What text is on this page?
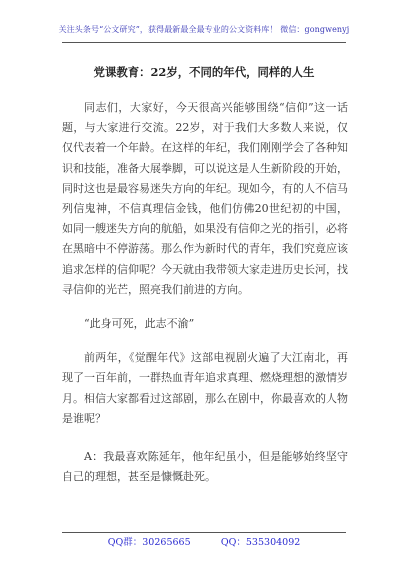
关注头条号“公文研究”，获得最新最全最专业的公文资料库！ 微信：gongwenyj
党课教育：22岁，不同的年代，同样的人生

同志们，大家好，今天很高兴能够围绕“信仰”这一话题，与大家进行交流。22岁，对于我们大多数人来说，仅仅代表着一个年龄。在这样的年纪，我们刚刚学会了各种知识和技能，准备大展拳脚，可以说这是人生新阶段的开始，同时这也是最容易迷失方向的年纪。现如今，有的人不信马列信鬼神，不信真理信金钱，他们仿佛20世纪初的中国，如同一艘迷失方向的航船，如果没有信仰之光的指引，必将在黑暗中不停游荡。那么作为新时代的青年，我们究竟应该追求怎样的信仰呢？今天就由我带领大家走进历史长河，找寻信仰的光芒，照亮我们前进的方向。

“此身可死，此志不渝”

前两年，《觉醒年代》这部电视剧火遍了大江南北，再现了一百年前，一群热血青年追求真理、燃烧理想的激情岁月。相信大家都看过这部剧，那么在剧中，你最喜欢的人物是谁呢？

A：我最喜欢陈延年，他年纪虽小，但是能够始终坚守自己的理想，甚至是慷慨赴死。

QQ群：30265665          QQ：535304092
